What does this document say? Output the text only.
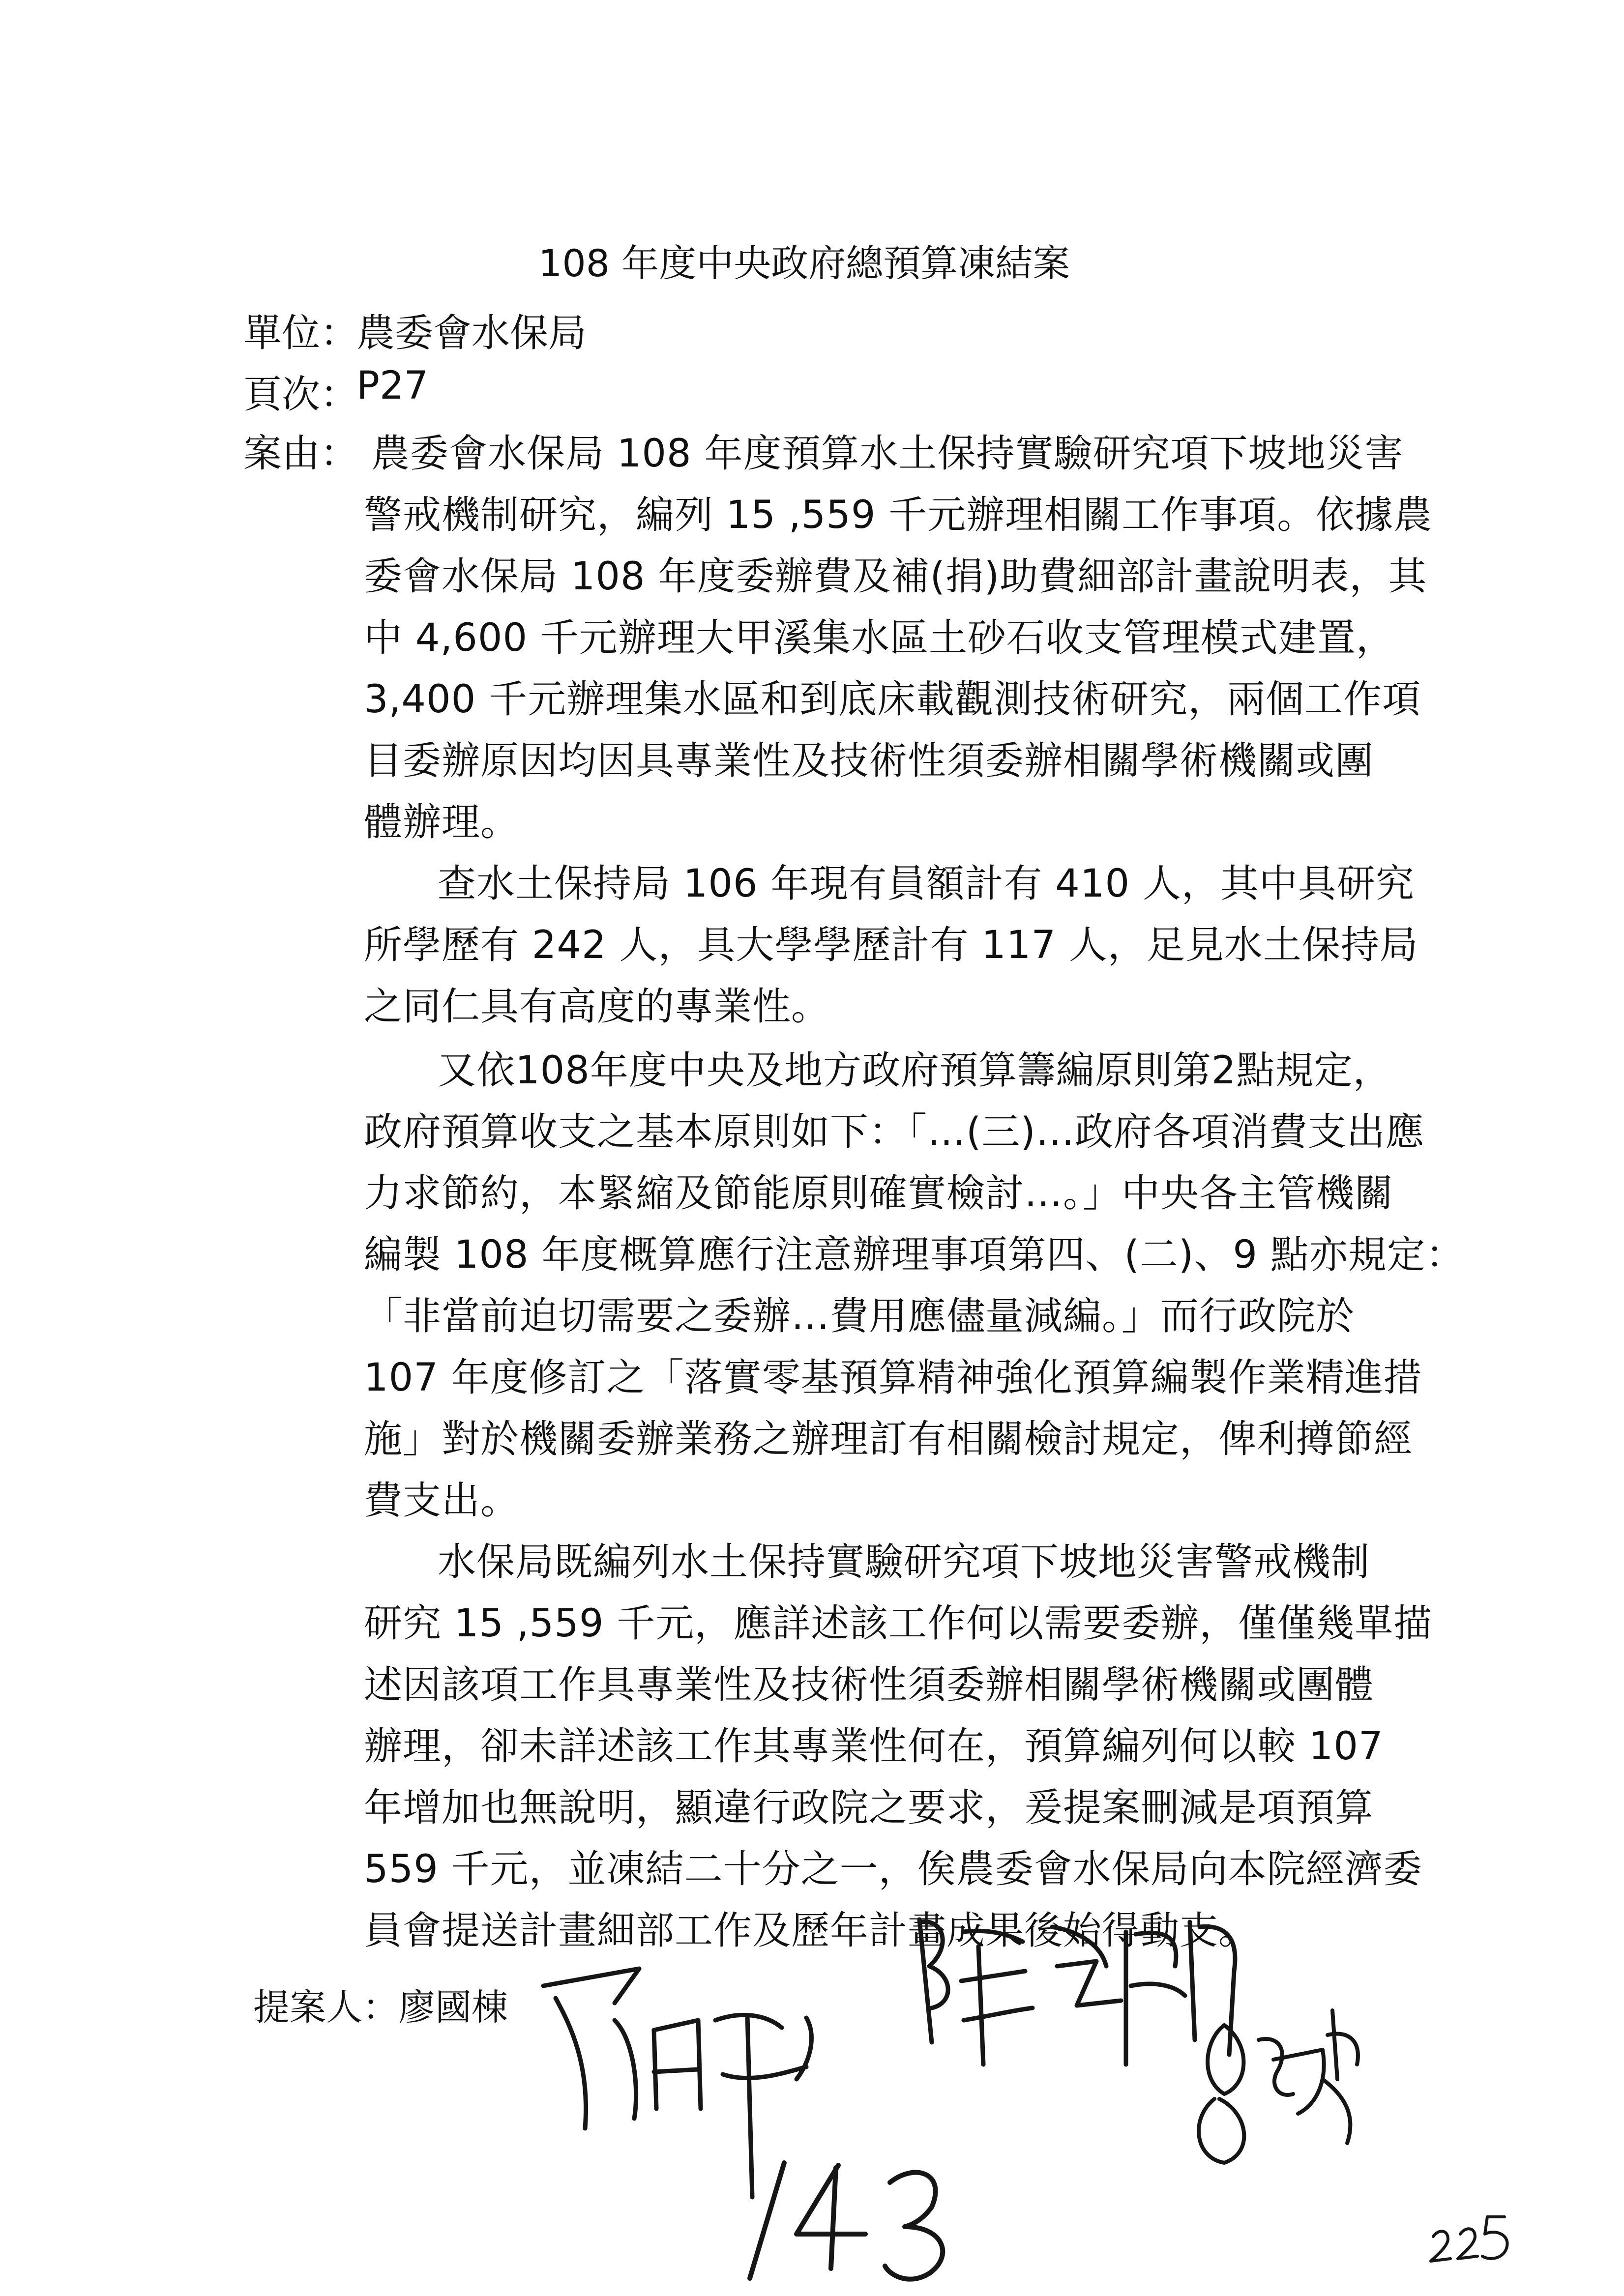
108 年度中央政府總預算凍結案
單位：
農委會水保局
頁次：
P27
案由： 農委會水保局 108 年度預算水土保持實驗研究項下坡地災害
警戒機制研究，編列 15 ,559 千元辦理相關工作事項。依據農
委會水保局 108 年度委辦費及補(捐)助費細部計畫說明表，其
中 4,600 千元辦理大甲溪集水區土砂石收支管理模式建置，
3,400 千元辦理集水區和到底床載觀測技術研究，兩個工作項
目委辦原因均因具專業性及技術性須委辦相關學術機關或團
體辦理。
查水土保持局 106 年現有員額計有 410 人，其中具研究
所學歷有 242 人，具大學學歷計有 117 人，足見水土保持局
之同仁具有高度的專業性。
又依108年度中央及地方政府預算籌編原則第2點規定，
政府預算收支之基本原則如下：「…(三)…政府各項消費支出應
力求節約，本緊縮及節能原則確實檢討…。」中央各主管機關
編製 108 年度概算應行注意辦理事項第四、(二)、9 點亦規定：
「非當前迫切需要之委辦…費用應儘量減編。」而行政院於
107 年度修訂之「落實零基預算精神強化預算編製作業精進措
施」對於機關委辦業務之辦理訂有相關檢討規定，俾利撙節經
費支出。
水保局既編列水土保持實驗研究項下坡地災害警戒機制
研究 15 ,559 千元，應詳述該工作何以需要委辦，僅僅幾單描
述因該項工作具專業性及技術性須委辦相關學術機關或團體
辦理，卻未詳述該工作其專業性何在，預算編列何以較 107
年增加也無說明，顯違行政院之要求，爰提案刪減是項預算
559 千元，並凍結二十分之一，俟農委會水保局向本院經濟委
員會提送計畫細部工作及歷年計畫成果後始得動支。
提案人：廖國棟
